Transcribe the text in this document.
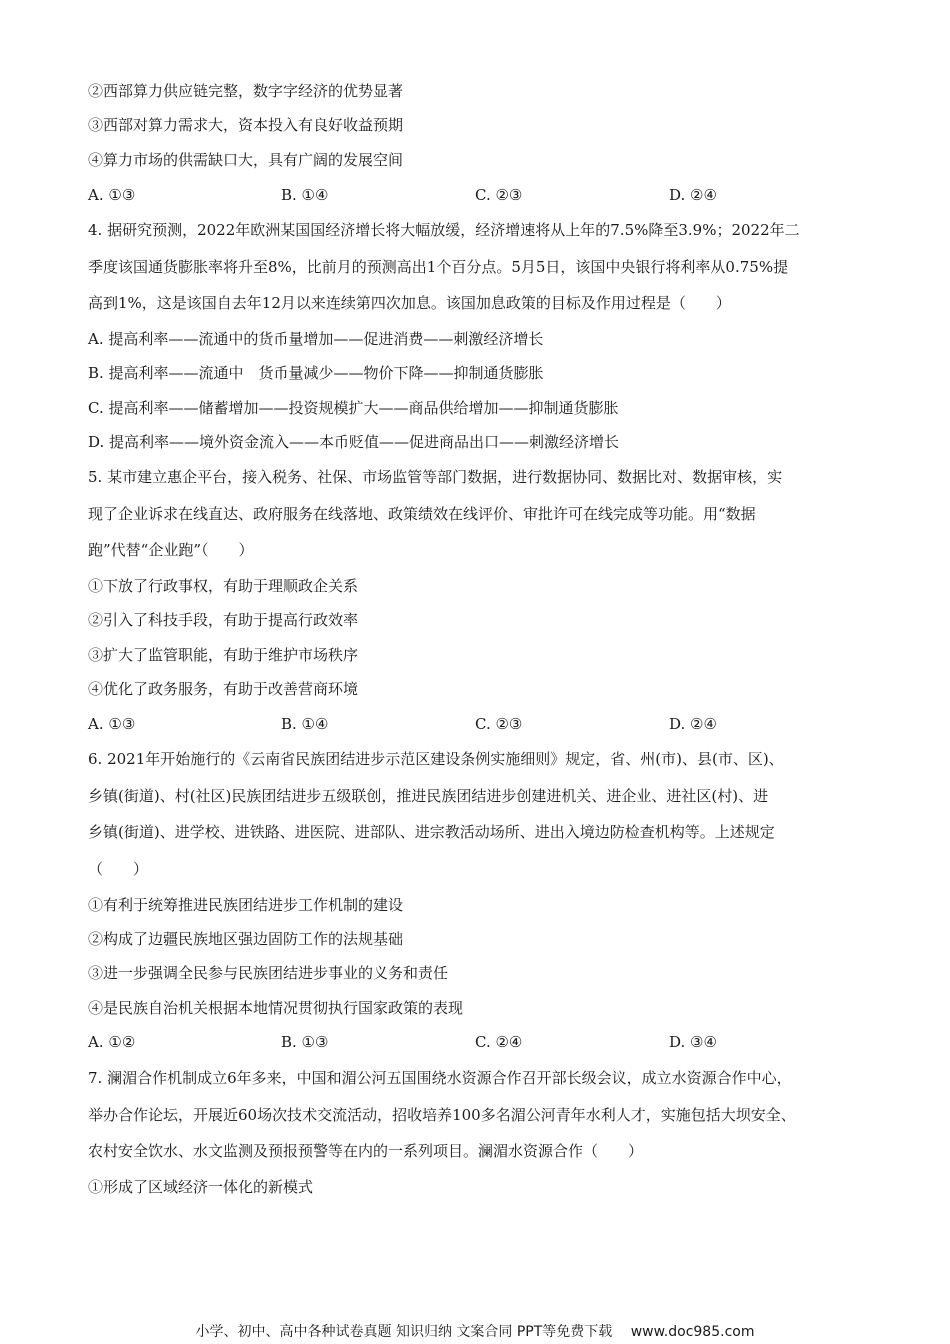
②西部算力供应链完整，数字字经济的优势显著
③西部对算力需求大，资本投入有良好收益预期
④算力市场的供需缺口大，具有广阔的发展空间
A. ①③	B. ①④	C. ②③	D. ②④
4. 据研究预测，2022年欧洲某国国经济增长将大幅放缓，经济增速将从上年的7.5%降至3.9%；2022年二
季度该国通货膨胀率将升至8%，比前月的预测高出1个百分点。5月5日，该国中央银行将利率从0.75%提
高到1%，这是该国自去年12月以来连续第四次加息。该国加息政策的目标及作用过程是（　　）
A. 提高利率——流通中的货币量增加——促进消费——刺激经济增长
B. 提高利率——流通中　货币量减少——物价下降——抑制通货膨胀
C. 提高利率——储蓄增加——投资规模扩大——商品供给增加——抑制通货膨胀
D. 提高利率——境外资金流入——本币贬值——促进商品出口——刺激经济增长
5. 某市建立惠企平台，接入税务、社保、市场监管等部门数据，进行数据协同、数据比对、数据审核，实
现了企业诉求在线直达、政府服务在线落地、政策绩效在线评价、审批许可在线完成等功能。用“数据
跑”代替“企业跑”（　　）
①下放了行政事权，有助于理顺政企关系
②引入了科技手段，有助于提高行政效率
③扩大了监管职能，有助于维护市场秩序
④优化了政务服务，有助于改善营商环境
A. ①③	B. ①④	C. ②③	D. ②④
6. 2021年开始施行的《云南省民族团结进步示范区建设条例实施细则》规定，省、州(市)、县(市、区)、
乡镇(街道)、村(社区)民族团结进步五级联创，推进民族团结进步创建进机关、进企业、进社区(村)、进
乡镇(街道)、进学校、进铁路、进医院、进部队、进宗教活动场所、进出入境边防检查机构等。上述规定
（　　）
①有利于统筹推进民族团结进步工作机制的建设
②构成了边疆民族地区强边固防工作的法规基础
③进一步强调全民参与民族团结进步事业的义务和责任
④是民族自治机关根据本地情况贯彻执行国家政策的表现
A. ①②	B. ①③	C. ②④	D. ③④
7. 澜湄合作机制成立6年多来，中国和湄公河五国围绕水资源合作召开部长级会议，成立水资源合作中心，
举办合作论坛，开展近60场次技术交流活动，招收培养100多名湄公河青年水利人才，实施包括大坝安全、
农村安全饮水、水文监测及预报预警等在内的一系列项目。澜湄水资源合作（　　）
①形成了区域经济一体化的新模式
小学、初中、高中各种试卷真题 知识归纳 文案合同 PPT等免费下载　 www.doc985.com
